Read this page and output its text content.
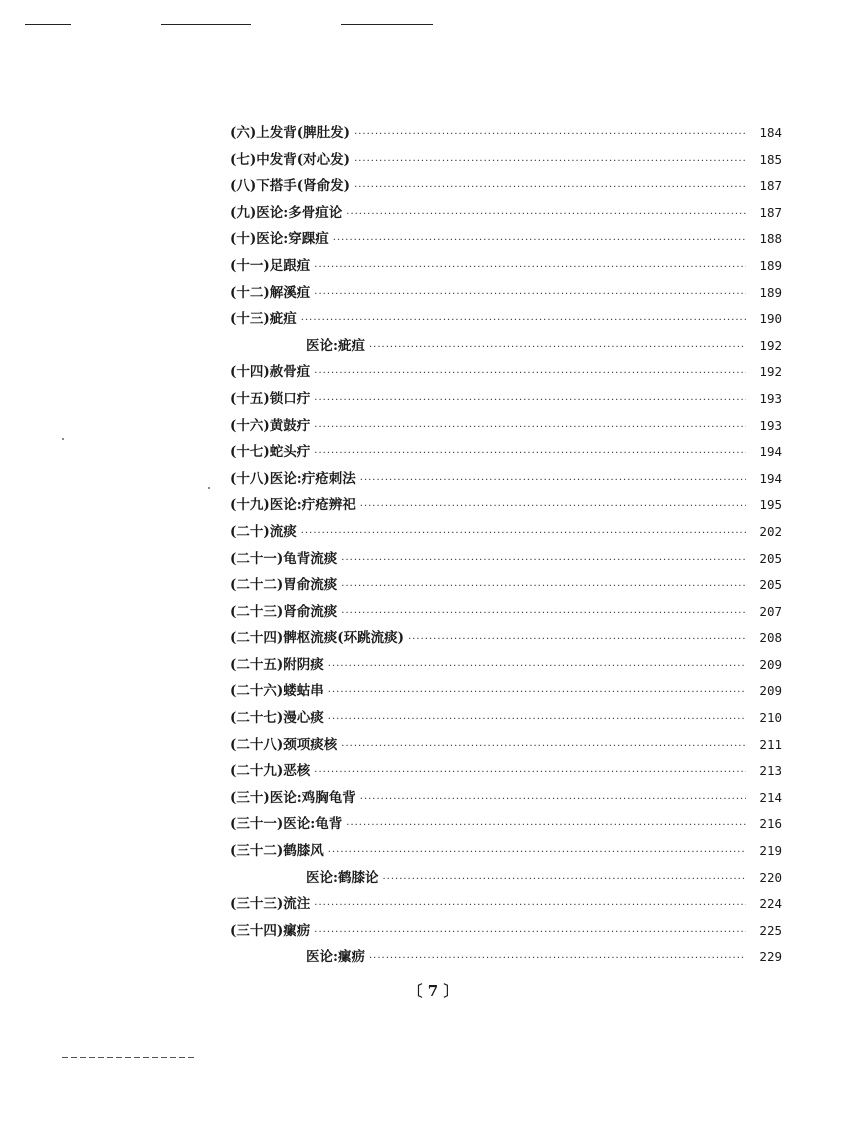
(六) 上发背(脾肚发) ·····	184
(七) 中发背(对心发) ·····	185
(八) 下搭手(肾俞发) ·····	187
(九) 医论:多骨疽论 ·····	187
(十) 医论:穿踝疽 ·····	188
(十一) 足跟疽 ·····	189
(十二) 解溪疽 ·····	189
(十三) 疵疽 ·····	190
医论:疵疽 ·····	192
(十四) 赦骨疽 ·····	192
(十五) 锁口疔 ·····	193
(十六) 黄鼓疔 ·····	193
(十七) 蛇头疔 ·····	194
(十八) 医论:疔疮刺法 ·····	194
(十九) 医论:疔疮辨祀 ·····	195
(二十) 流痰 ·····	202
(二十一) 龟背流痰 ·····	205
(二十二) 胃俞流痰 ·····	205
(二十三) 肾俞流痰 ·····	207
(二十四) 髀枢流痰(环跳流痰) ·····	208
(二十五) 附阴痰 ·····	209
(二十六) 蝼蛄串 ·····	209
(二十七) 漫心痰 ·····	210
(二十八) 颈项痰核 ·····	211
(二十九) 恶核 ·····	213
(三十) 医论:鸡胸龟背 ·····	214
(三十一) 医论:龟背 ·····	216
(三十二) 鹤膝风 ·····	219
医论:鹤膝论 ·····	220
(三十三) 流注 ·····	224
(三十四) 瘰疬 ·····	225
医论:瘰疬 ·····	229
〔 7 〕
